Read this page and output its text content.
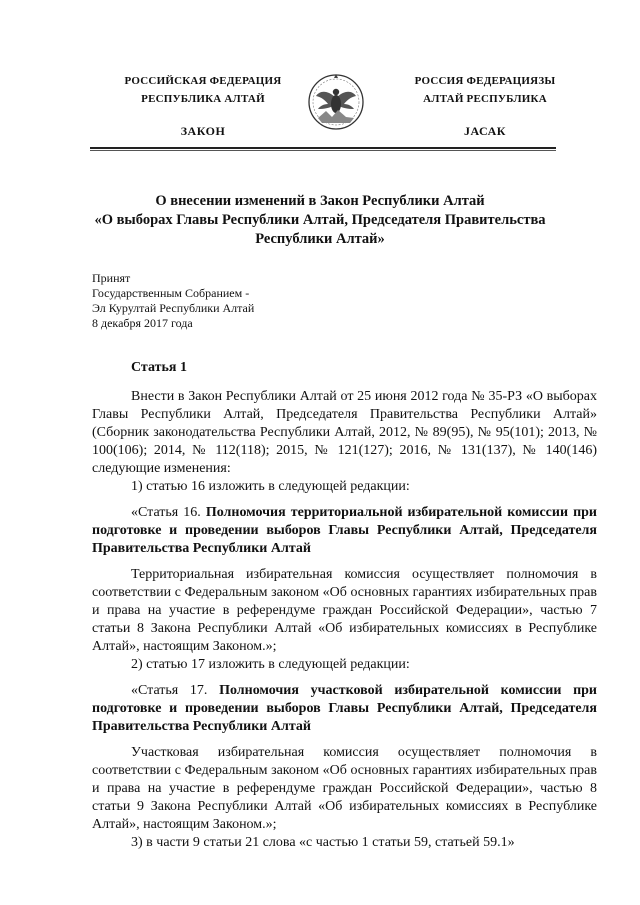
РОССИЙСКАЯ ФЕДЕРАЦИЯ
РЕСПУБЛИКА АЛТАЙ
ЗАКОН
РОССИЯ ФЕДЕРАЦИЯЗЫ
АЛТАЙ РЕСПУБЛИКА
JАСАК
О внесении изменений в Закон Республики Алтай
«О выборах Главы Республики Алтай, Председателя Правительства
Республики Алтай»
Принят
Государственным Собранием -
Эл Курултай Республики Алтай
8 декабря 2017 года
Статья 1

Внести в Закон Республики Алтай от 25 июня 2012 года № 35-РЗ «О выборах Главы Республики Алтай, Председателя Правительства Республики Алтай» (Сборник законодательства Республики Алтай, 2012, № 89(95), № 95(101); 2013, № 100(106); 2014, № 112(118); 2015, № 121(127); 2016, № 131(137), № 140(146) следующие изменения:

1) статью 16 изложить в следующей редакции:

«Статья 16. Полномочия территориальной избирательной комиссии при подготовке и проведении выборов Главы Республики Алтай, Председателя Правительства Республики Алтай

Территориальная избирательная комиссия осуществляет полномочия в соответствии с Федеральным законом «Об основных гарантиях избирательных прав и права на участие в референдуме граждан Российской Федерации», частью 7 статьи 8 Закона Республики Алтай «Об избирательных комиссиях в Республике Алтай», настоящим Законом.»;

2) статью 17 изложить в следующей редакции:

«Статья 17. Полномочия участковой избирательной комиссии при подготовке и проведении выборов Главы Республики Алтай, Председателя Правительства Республики Алтай

Участковая избирательная комиссия осуществляет полномочия в соответствии с Федеральным законом «Об основных гарантиях избирательных прав и права на участие в референдуме граждан Российской Федерации», частью 8 статьи 9 Закона Республики Алтай «Об избирательных комиссиях в Республике Алтай», настоящим Законом.»;

3) в части 9 статьи 21 слова «с частью 1 статьи 59, статьей 59.1»
